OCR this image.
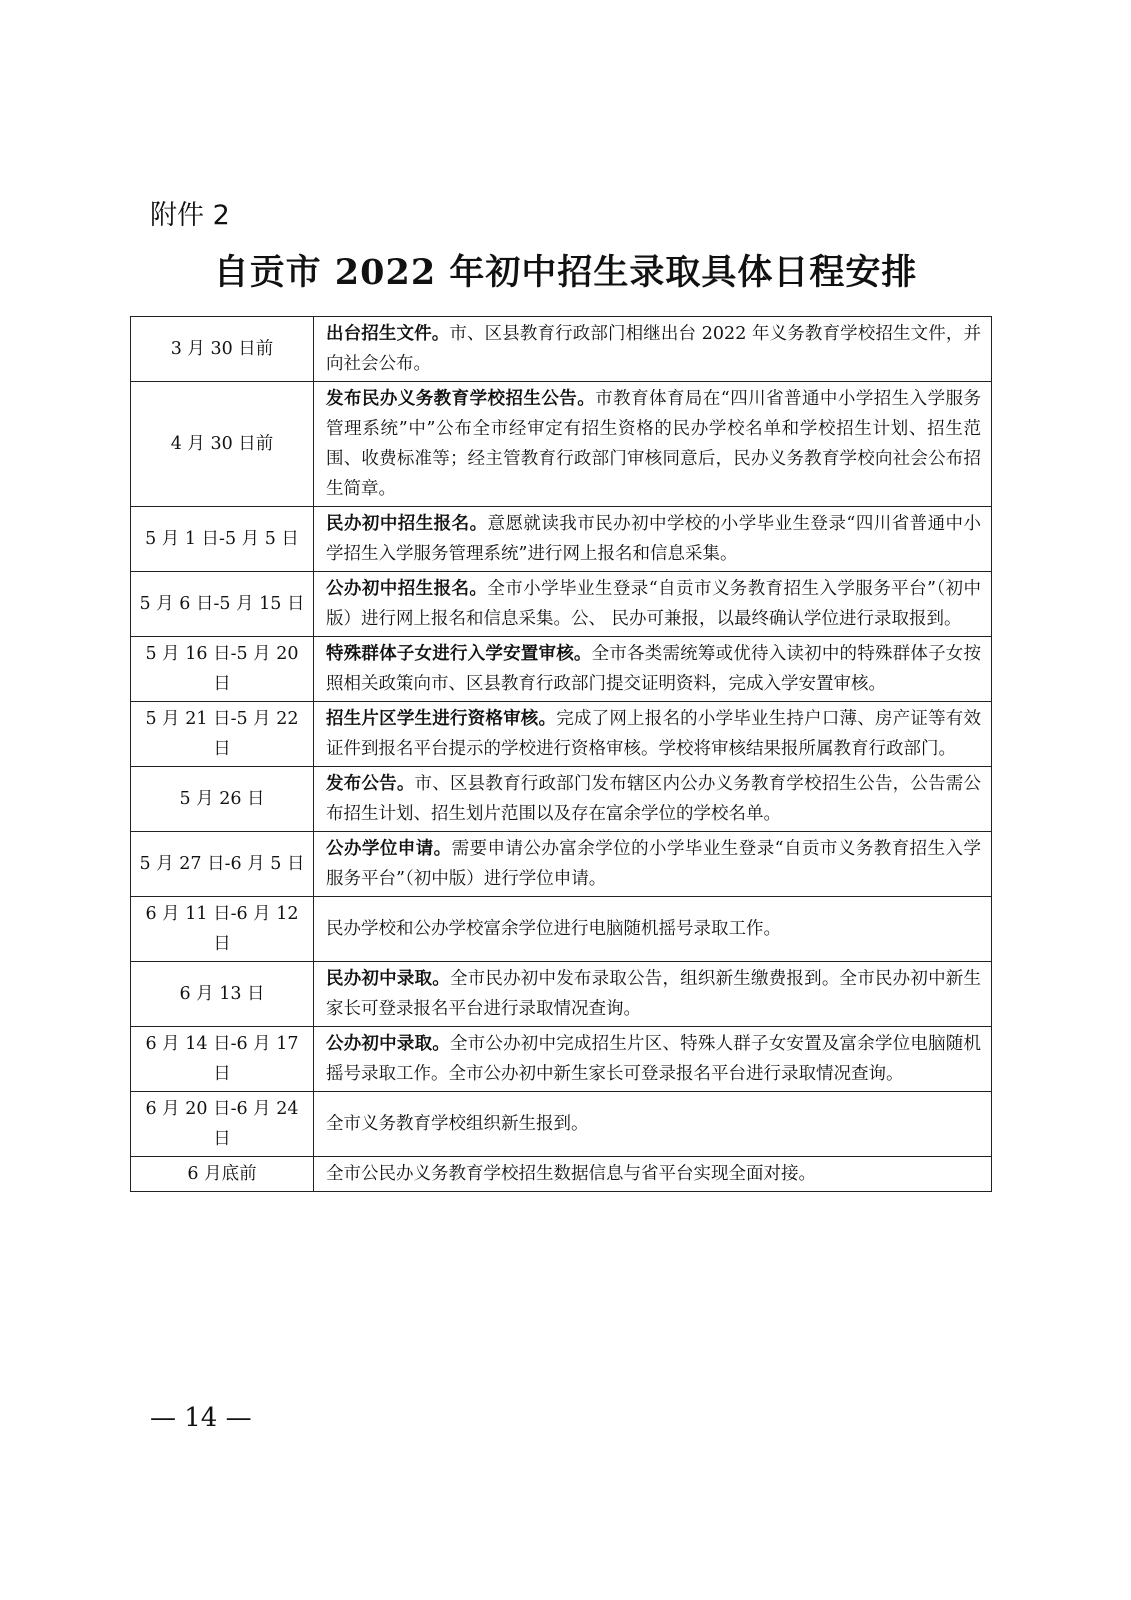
附件 2
自贡市 2022 年初中招生录取具体日程安排
3 月 30 日前	出台招生文件。市、区县教育行政部门相继出台 2022 年义务教育学校招生文件，并向社会公布。
4 月 30 日前	发布民办义务教育学校招生公告。市教育体育局在“四川省普通中小学招生入学服务管理系统”中”公布全市经审定有招生资格的民办学校名单和学校招生计划、招生范围、收费标准等；经主管教育行政部门审核同意后，民办义务教育学校向社会公布招生简章。
5 月 1 日-5 月 5 日	民办初中招生报名。意愿就读我市民办初中学校的小学毕业生登录“四川省普通中小学招生入学服务管理系统”进行网上报名和信息采集。
5 月 6 日-5 月 15 日	公办初中招生报名。全市小学毕业生登录“自贡市义务教育招生入学服务平台”（初中版）进行网上报名和信息采集。公、 民办可兼报，以最终确认学位进行录取报到。
5 月 16 日-5 月 20 日	特殊群体子女进行入学安置审核。全市各类需统筹或优待入读初中的特殊群体子女按照相关政策向市、区县教育行政部门提交证明资料，完成入学安置审核。
5 月 21 日-5 月 22 日	招生片区学生进行资格审核。完成了网上报名的小学毕业生持户口薄、房产证等有效证件到报名平台提示的学校进行资格审核。学校将审核结果报所属教育行政部门。
5 月 26 日	发布公告。市、区县教育行政部门发布辖区内公办义务教育学校招生公告，公告需公布招生计划、招生划片范围以及存在富余学位的学校名单。
5 月 27 日-6 月 5 日	公办学位申请。需要申请公办富余学位的小学毕业生登录“自贡市义务教育招生入学服务平台”（初中版）进行学位申请。
6 月 11 日-6 月 12 日	民办学校和公办学校富余学位进行电脑随机摇号录取工作。
6 月 13 日	民办初中录取。全市民办初中发布录取公告，组织新生缴费报到。全市民办初中新生家长可登录报名平台进行录取情况查询。
6 月 14 日-6 月 17 日	公办初中录取。全市公办初中完成招生片区、特殊人群子女安置及富余学位电脑随机摇号录取工作。全市公办初中新生家长可登录报名平台进行录取情况查询。
6 月 20 日-6 月 24 日	全市义务教育学校组织新生报到。
6 月底前	全市公民办义务教育学校招生数据信息与省平台实现全面对接。
— 14 —
